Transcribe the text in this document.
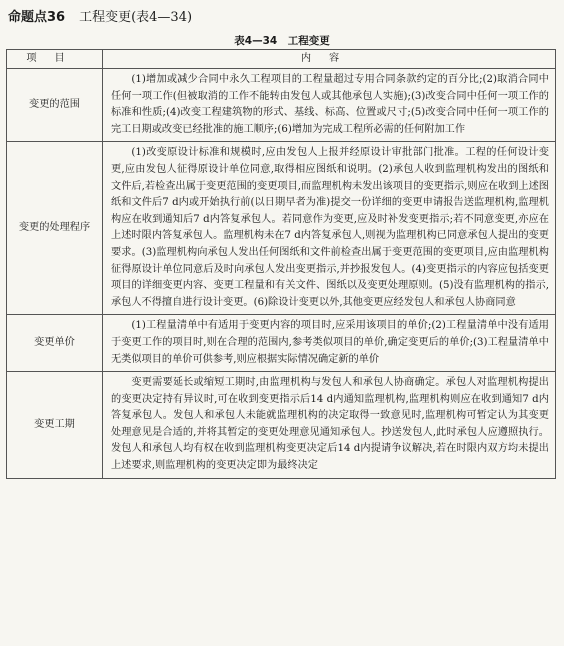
命题点36 工程变更(表4—34)
表4—34　工程变更
项目	内容
变更的范围	(1)增加或减少合同中永久工程项目的工程量超过专用合同条款约定的百分比;(2)取消合同中任何一项工作(但被取消的工作不能转由发包人或其他承包人实施);(3)改变合同中任何一项工作的标准和性质;(4)改变工程建筑物的形式、基线、标高、位置或尺寸;(5)改变合同中任何一项工作的完工日期或改变已经批准的施工顺序;(6)增加为完成工程所必需的任何附加工作
变更的处理程序	(1)改变原设计标准和规模时,应由发包人上报并经原设计审批部门批准。工程的任何设计变更,应由发包人征得原设计单位同意,取得相应图纸和说明。(2)承包人收到监理机构发出的图纸和文件后,若检查出属于变更范围的变更项目,而监理机构未发出该项目的变更指示,则应在收到上述图纸和文件后7 d内或开始执行前(以日期早者为准)提交一份详细的变更申请报告送监理机构,监理机构应在收到通知后7 d内答复承包人。若同意作为变更,应及时补发变更指示;若不同意变更,亦应在上述时限内答复承包人。监理机构未在7 d内答复承包人,则视为监理机构已同意承包人提出的变更要求。(3)监理机构向承包人发出任何图纸和文件前检查出属于变更范围的变更项目,应由监理机构征得原设计单位同意后及时向承包人发出变更指示,并抄报发包人。(4)变更指示的内容应包括变更项目的详细变更内容、变更工程量和有关文件、图纸以及变更处理原则。(5)没有监理机构的指示,承包人不得擅自进行设计变更。(6)除设计变更以外,其他变更应经发包人和承包人协商同意
变更单价	(1)工程量清单中有适用于变更内容的项目时,应采用该项目的单价;(2)工程量清单中没有适用于变更工作的项目时,则在合理的范围内,参考类似项目的单价,确定变更后的单价;(3)工程量清单中无类似项目的单价可供参考,则应根据实际情况确定新的单价
变更工期	变更需要延长或缩短工期时,由监理机构与发包人和承包人协商确定。承包人对监理机构提出的变更决定持有异议时,可在收到变更指示后14 d内通知监理机构,监理机构则应在收到通知7 d内答复承包人。发包人和承包人未能就监理机构的决定取得一致意见时,监理机构可暂定认为其变更处理意见是合适的,并将其暂定的变更处理意见通知承包人。抄送发包人,此时承包人应遵照执行。发包人和承包人均有权在收到监理机构变更决定后14 d内提请争议解决,若在时限内双方均未提出上述要求,则监理机构的变更决定即为最终决定
